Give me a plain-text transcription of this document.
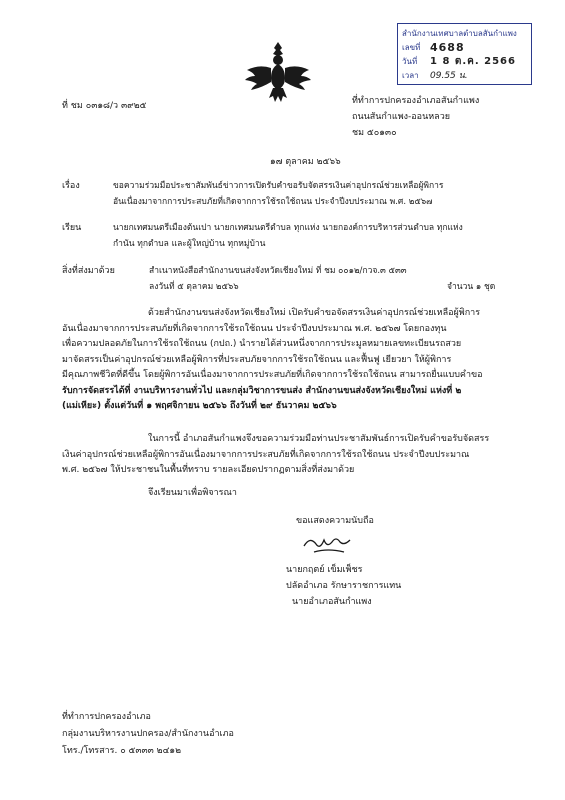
สำนักงานเทศบาลตำบลสันกำแพง
เลขที่ 4688
วันที่	1 8 ต.ค. 2566
เวลา	09.55 น.
ที่ ชม ๐๓๑๘/ว ๓๙๒๕	ที่ทำการปกครองอำเภอสันกำแพง
ถนนสันกำแพง-ออนหลวย
ชม ๕๐๑๓๐
๑๗ ตุลาคม ๒๕๖๖
เรื่อง	ขอความร่วมมือประชาสัมพันธ์ข่าวการเปิดรับคำขอรับจัดสรรเงินค่าอุปกรณ์ช่วยเหลือผู้พิการ
อันเนื่องมาจากการประสบภัยที่เกิดจากการใช้รถใช้ถนน ประจำปีงบประมาณ พ.ศ. ๒๕๖๗
เรียน	นายกเทศมนตรีเมืองต้นเปา นายกเทศมนตรีตำบล ทุกแห่ง นายกองค์การบริหารส่วนตำบล ทุกแห่ง
กำนัน ทุกตำบล และผู้ใหญ่บ้าน ทุกหมู่บ้าน
สิ่งที่ส่งมาด้วย	สำเนาหนังสือสำนักงานขนส่งจังหวัดเชียงใหม่ ที่ ชม ๐๐๑๒/กวจ.๓ ๕๓๓
ลงวันที่ ๕ ตุลาคม ๒๕๖๖	จำนวน ๑ ชุด
ด้วยสำนักงานขนส่งจังหวัดเชียงใหม่ เปิดรับคำขอจัดสรรเงินค่าอุปกรณ์ช่วยเหลือผู้พิการ
อันเนื่องมาจากการประสบภัยที่เกิดจากการใช้รถใช้ถนน ประจำปีงบประมาณ พ.ศ. ๒๕๖๗ โดยกองทุน
เพื่อความปลอดภัยในการใช้รถใช้ถนน (กปถ.) นำรายได้ส่วนหนึ่งจากการประมูลหมายเลขทะเบียนรถสวย
มาจัดสรรเป็นค่าอุปกรณ์ช่วยเหลือผู้พิการที่ประสบภัยจากการใช้รถใช้ถนน และฟื้นฟู เยียวยา ให้ผู้พิการ
มีคุณภาพชีวิตที่ดีขึ้น โดยผู้พิการอันเนื่องมาจากการประสบภัยที่เกิดจากการใช้รถใช้ถนน สามารถยื่นแบบคำขอ
รับการจัดสรรได้ที่ งานบริหารงานทั่วไป และกลุ่มวิชาการขนส่ง สำนักงานขนส่งจังหวัดเชียงใหม่ แห่งที่ ๒
(แม่เหียะ) ตั้งแต่วันที่ ๑ พฤศจิกายน ๒๕๖๖ ถึงวันที่ ๒๙ ธันวาคม ๒๕๖๖
ในการนี้ อำเภอสันกำแพงจึงขอความร่วมมือท่านประชาสัมพันธ์การเปิดรับคำขอรับจัดสรร
เงินค่าอุปกรณ์ช่วยเหลือผู้พิการอันเนื่องมาจากการประสบภัยที่เกิดจากการใช้รถใช้ถนน ประจำปีงบประมาณ
พ.ศ. ๒๕๖๗ ให้ประชาชนในพื้นที่ทราบ รายละเอียดปรากฏตามสิ่งที่ส่งมาด้วย
จึงเรียนมาเพื่อพิจารณา
ขอแสดงความนับถือ
นายกฤตย์ เข็มเพ็ชร
ปลัดอำเภอ รักษาราชการแทน
นายอำเภอสันกำแพง
ที่ทำการปกครองอำเภอ
กลุ่มงานบริหารงานปกครอง/สำนักงานอำเภอ
โทร./โทรสาร. ๐ ๕๓๓๓ ๒๔๑๒
